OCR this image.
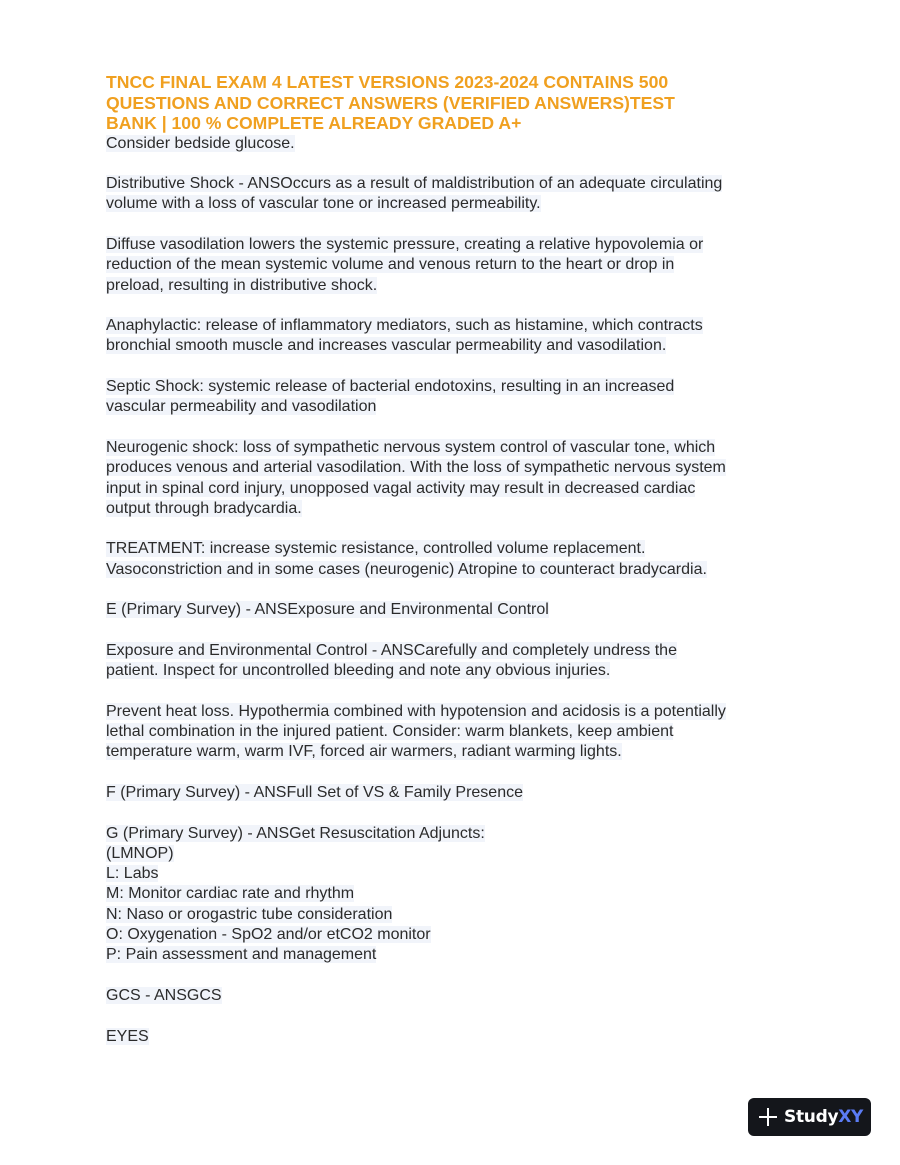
TNCC FINAL EXAM 4 LATEST VERSIONS 2023-2024 CONTAINS 500
QUESTIONS AND CORRECT ANSWERS (VERIFIED ANSWERS)TEST
BANK | 100 % COMPLETE ALREADY GRADED A+
Consider bedside glucose.
Distributive Shock - ANSOccurs as a result of maldistribution of an adequate circulating
volume with a loss of vascular tone or increased permeability.
Diffuse vasodilation lowers the systemic pressure, creating a relative hypovolemia or
reduction of the mean systemic volume and venous return to the heart or drop in
preload, resulting in distributive shock.
Anaphylactic: release of inflammatory mediators, such as histamine, which contracts
bronchial smooth muscle and increases vascular permeability and vasodilation.
Septic Shock: systemic release of bacterial endotoxins, resulting in an increased
vascular permeability and vasodilation
Neurogenic shock: loss of sympathetic nervous system control of vascular tone, which
produces venous and arterial vasodilation. With the loss of sympathetic nervous system
input in spinal cord injury, unopposed vagal activity may result in decreased cardiac
output through bradycardia.
TREATMENT: increase systemic resistance, controlled volume replacement.
Vasoconstriction and in some cases (neurogenic) Atropine to counteract bradycardia.
E (Primary Survey) - ANSExposure and Environmental Control
Exposure and Environmental Control - ANSCarefully and completely undress the
patient. Inspect for uncontrolled bleeding and note any obvious injuries.
Prevent heat loss. Hypothermia combined with hypotension and acidosis is a potentially
lethal combination in the injured patient. Consider: warm blankets, keep ambient
temperature warm, warm IVF, forced air warmers, radiant warming lights.
F (Primary Survey) - ANSFull Set of VS & Family Presence
G (Primary Survey) - ANSGet Resuscitation Adjuncts:
(LMNOP)
L: Labs
M: Monitor cardiac rate and rhythm
N: Naso or orogastric tube consideration
O: Oxygenation - SpO2 and/or etCO2 monitor
P: Pain assessment and management
GCS - ANSGCS
EYES
StudyXY
